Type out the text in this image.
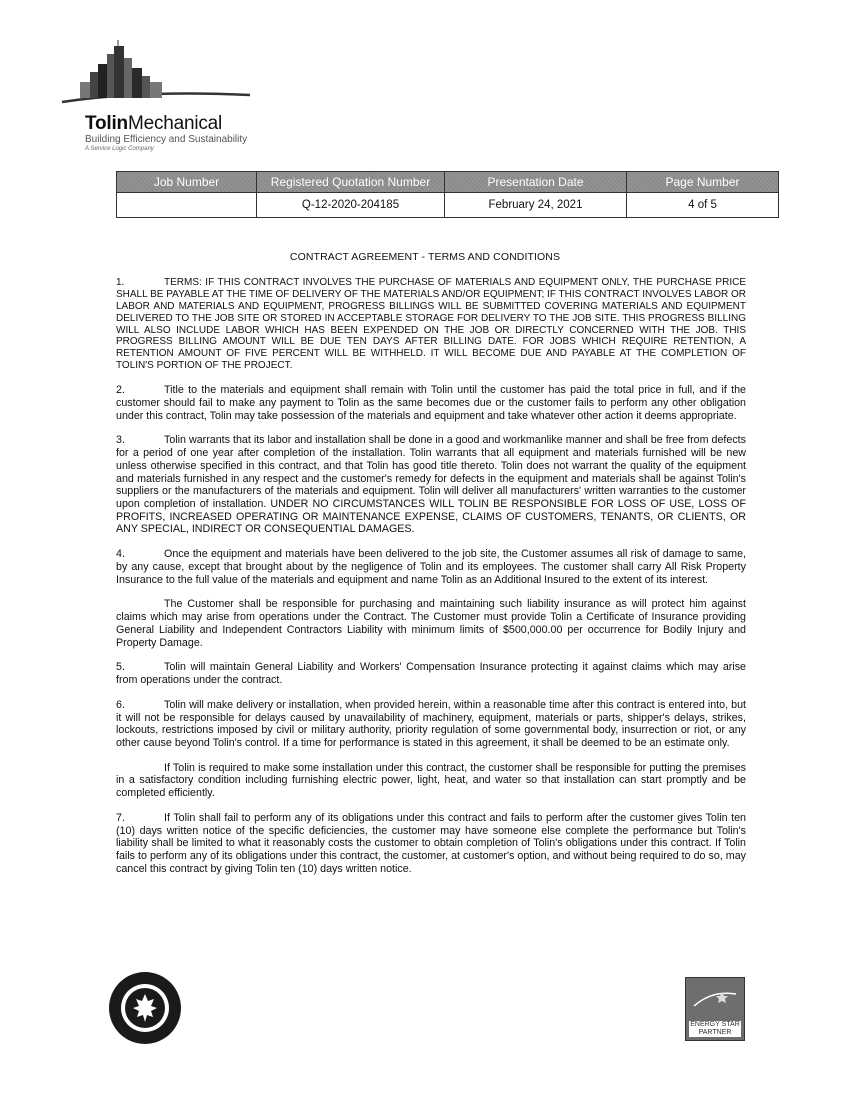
TolinMechanical
Building Efficiency and Sustainability
A Service Logic Company
Job Number	Registered Quotation Number	Presentation Date	Page Number
	Q-12-2020-204185	February 24, 2021	4 of 5
CONTRACT AGREEMENT - TERMS AND CONDITIONS

1.	TERMS: IF THIS CONTRACT INVOLVES THE PURCHASE OF MATERIALS AND EQUIPMENT ONLY, THE PURCHASE PRICE SHALL BE PAYABLE AT THE TIME OF DELIVERY OF THE MATERIALS AND/OR EQUIPMENT; IF THIS CONTRACT INVOLVES LABOR OR LABOR AND MATERIALS AND EQUIPMENT, PROGRESS BILLINGS WILL BE SUBMITTED COVERING MATERIALS AND EQUIPMENT DELIVERED TO THE JOB SITE OR STORED IN ACCEPTABLE STORAGE FOR DELIVERY TO THE JOB SITE. THIS PROGRESS BILLING WILL ALSO INCLUDE LABOR WHICH HAS BEEN EXPENDED ON THE JOB OR DIRECTLY CONCERNED WITH THE JOB. THIS PROGRESS BILLING AMOUNT WILL BE DUE TEN DAYS AFTER BILLING DATE. FOR JOBS WHICH REQUIRE RETENTION, A RETENTION AMOUNT OF FIVE PERCENT WILL BE WITHHELD. IT WILL BECOME DUE AND PAYABLE AT THE COMPLETION OF TOLIN'S PORTION OF THE PROJECT.

2.	Title to the materials and equipment shall remain with Tolin until the customer has paid the total price in full, and if the customer should fail to make any payment to Tolin as the same becomes due or the customer fails to perform any other obligation under this contract, Tolin may take possession of the materials and equipment and take whatever other action it deems appropriate.

3.	Tolin warrants that its labor and installation shall be done in a good and workmanlike manner and shall be free from defects for a period of one year after completion of the installation. Tolin warrants that all equipment and materials furnished will be new unless otherwise specified in this contract, and that Tolin has good title thereto. Tolin does not warrant the quality of the equipment and materials furnished in any respect and the customer's remedy for defects in the equipment and materials shall be against Tolin's suppliers or the manufacturers of the materials and equipment. Tolin will deliver all manufacturers' written warranties to the customer upon completion of installation. UNDER NO CIRCUMSTANCES WILL TOLIN BE RESPONSIBLE FOR LOSS OF USE, LOSS OF PROFITS, INCREASED OPERATING OR MAINTENANCE EXPENSE, CLAIMS OF CUSTOMERS, TENANTS, OR CLIENTS, OR ANY SPECIAL, INDIRECT OR CONSEQUENTIAL DAMAGES.

4.	Once the equipment and materials have been delivered to the job site, the Customer assumes all risk of damage to same, by any cause, except that brought about by the negligence of Tolin and its employees. The customer shall carry All Risk Property Insurance to the full value of the materials and equipment and name Tolin as an Additional Insured to the extent of its interest.

The Customer shall be responsible for purchasing and maintaining such liability insurance as will protect him against claims which may arise from operations under the Contract. The Customer must provide Tolin a Certificate of Insurance providing General Liability and Independent Contractors Liability with minimum limits of $500,000.00 per occurrence for Bodily Injury and Property Damage.

5.	Tolin will maintain General Liability and Workers' Compensation Insurance protecting it against claims which may arise from operations under the contract.

6.	Tolin will make delivery or installation, when provided herein, within a reasonable time after this contract is entered into, but it will not be responsible for delays caused by unavailability of machinery, equipment, materials or parts, shipper's delays, strikes, lockouts, restrictions imposed by civil or military authority, priority regulation of some governmental body, insurrection or riot, or any other cause beyond Tolin's control. If a time for performance is stated in this agreement, it shall be deemed to be an estimate only.

If Tolin is required to make some installation under this contract, the customer shall be responsible for putting the premises in a satisfactory condition including furnishing electric power, light, heat, and water so that installation can start promptly and be completed efficiently.

7.	If Tolin shall fail to perform any of its obligations under this contract and fails to perform after the customer gives Tolin ten (10) days written notice of the specific deficiencies, the customer may have someone else complete the performance but Tolin's liability shall be limited to what it reasonably costs the customer to obtain completion of Tolin's obligations under this contract. If Tolin fails to perform any of its obligations under this contract, the customer, at customer's option, and without being required to do so, may cancel this contract by giving Tolin ten (10) days written notice.

ENERGY STAR PARTNER
